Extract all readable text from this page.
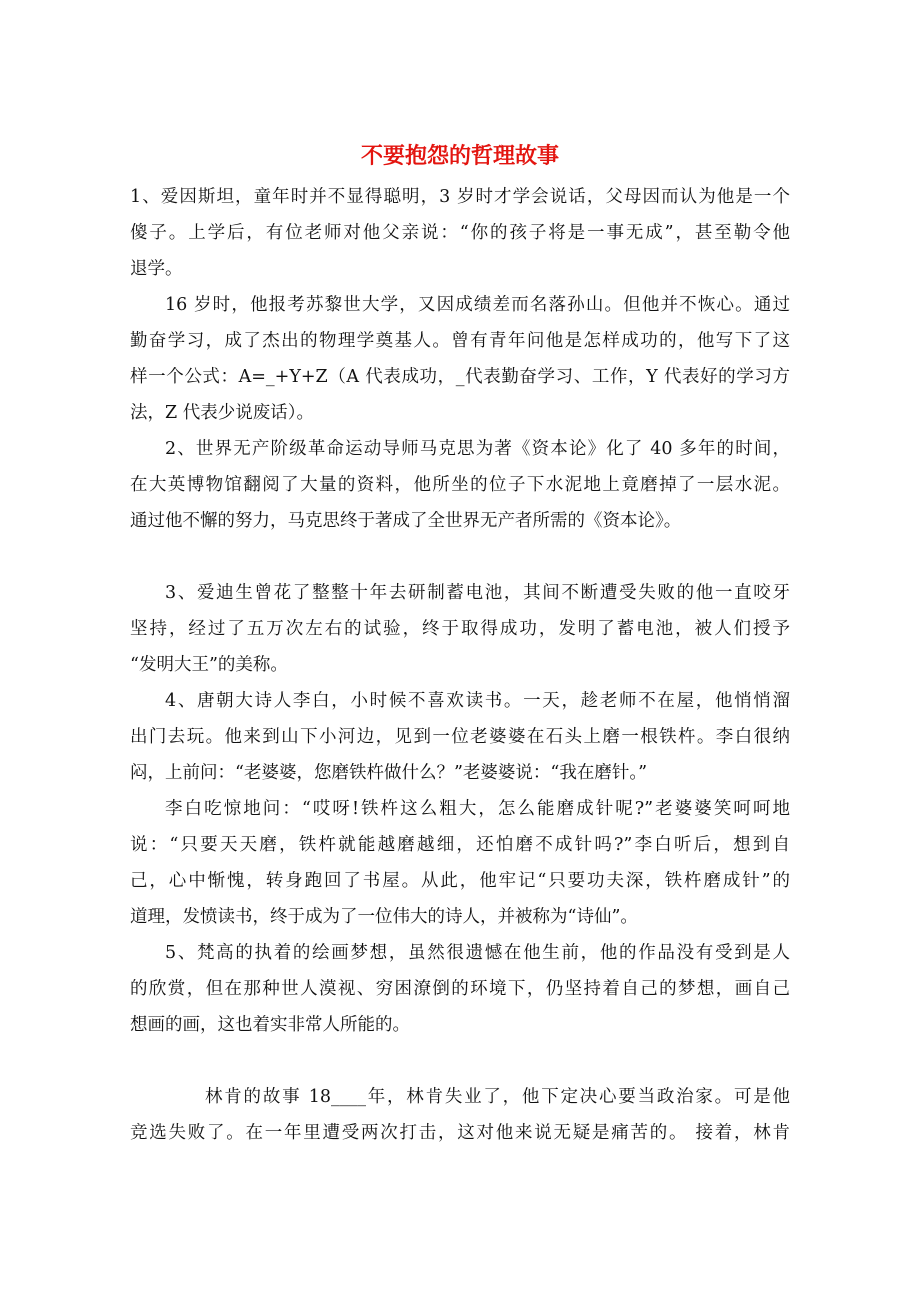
不要抱怨的哲理故事
1、爱因斯坦，童年时并不显得聪明，3 岁时才学会说话，父母因而认为他是一个
傻子。上学后，有位老师对他父亲说：“你的孩子将是一事无成”，甚至勒令他
退学。
16 岁时，他报考苏黎世大学，又因成绩差而名落孙山。但他并不恢心。通过
勤奋学习，成了杰出的物理学奠基人。曾有青年问他是怎样成功的，他写下了这
样一个公式：A=_+Y+Z（A 代表成功，_代表勤奋学习、工作，Y 代表好的学习方
法，Z 代表少说废话）。
2、世界无产阶级革命运动导师马克思为著《资本论》化了 40 多年的时间，
在大英博物馆翻阅了大量的资料，他所坐的位子下水泥地上竟磨掉了一层水泥。
通过他不懈的努力，马克思终于著成了全世界无产者所需的《资本论》。
3、爱迪生曾花了整整十年去研制蓄电池，其间不断遭受失败的他一直咬牙
坚持，经过了五万次左右的试验，终于取得成功，发明了蓄电池，被人们授予
“发明大王”的美称。
4、唐朝大诗人李白，小时候不喜欢读书。一天，趁老师不在屋，他悄悄溜
出门去玩。他来到山下小河边，见到一位老婆婆在石头上磨一根铁杵。李白很纳
闷，上前问：“老婆婆，您磨铁杵做什么？”老婆婆说：“我在磨针。”
李白吃惊地问：“哎呀!铁杵这么粗大，怎么能磨成针呢?”老婆婆笑呵呵地
说：“只要天天磨，铁杵就能越磨越细，还怕磨不成针吗?”李白听后，想到自
己，心中惭愧，转身跑回了书屋。从此，他牢记“只要功夫深，铁杵磨成针”的
道理，发愤读书，终于成为了一位伟大的诗人，并被称为“诗仙”。
5、梵高的执着的绘画梦想，虽然很遗憾在他生前，他的作品没有受到是人
的欣赏，但在那种世人漠视、穷困潦倒的环境下，仍坚持着自己的梦想，画自己
想画的画，这也着实非常人所能的。
林肯的故事 18____年，林肯失业了，他下定决心要当政治家。可是他
竞选失败了。在一年里遭受两次打击，这对他来说无疑是痛苦的。 接着，林肯
